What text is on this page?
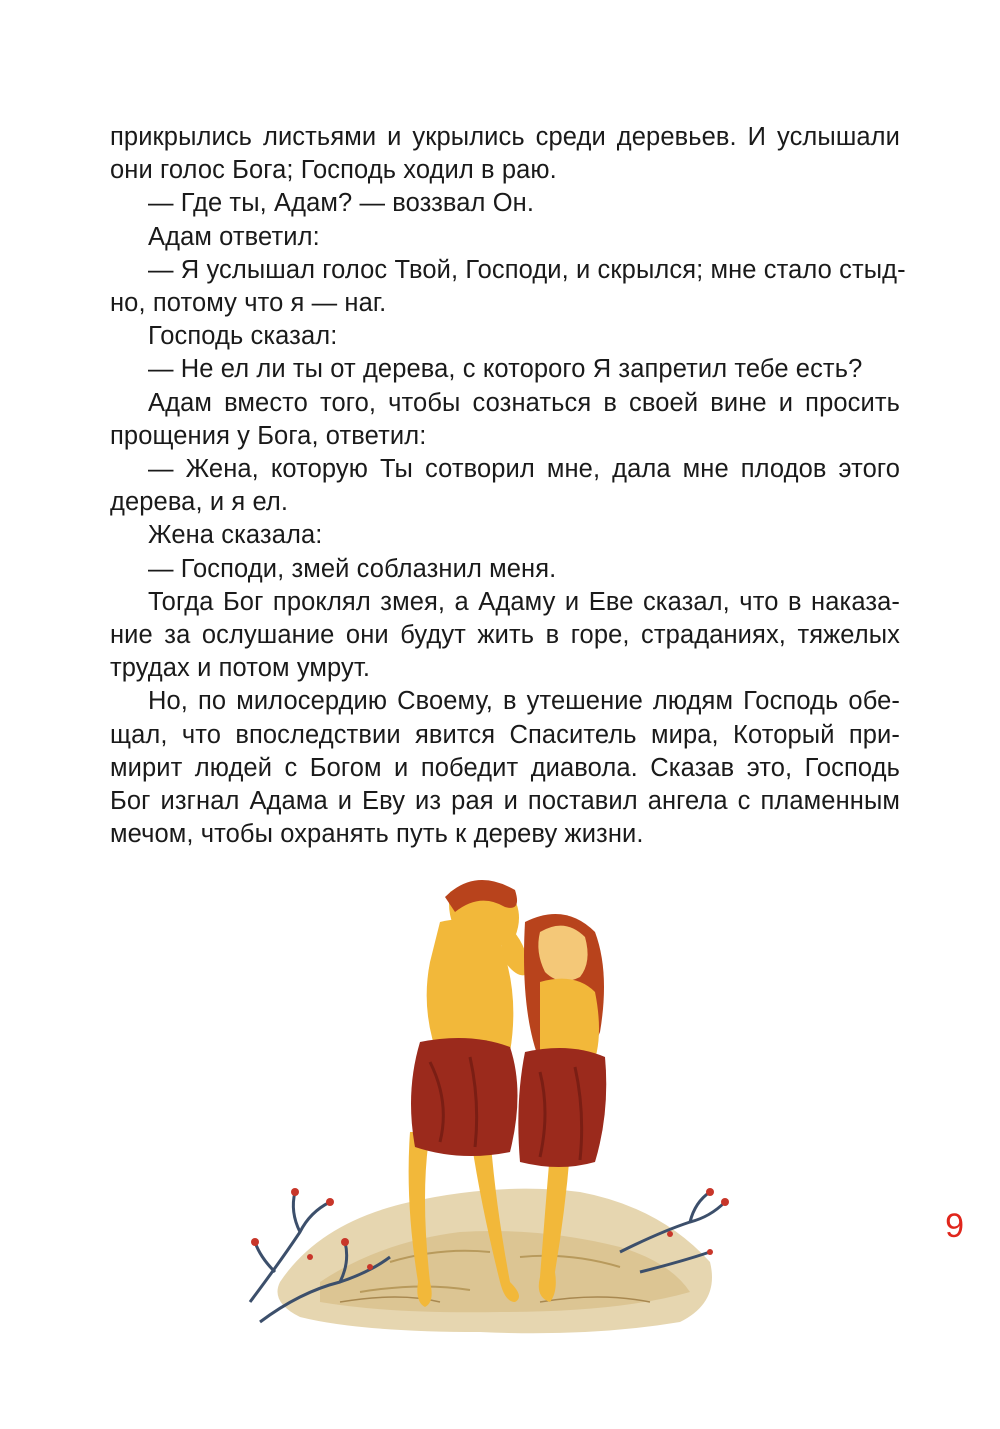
прикрылись листьями и укрылись среди деревьев. И услышали
они голос Бога; Господь ходил в раю.
— Где ты, Адам? — воззвал Он.
Адам ответил:
— Я услышал голос Твой, Господи, и скрылся; мне стало стыд-
но, потому что я — наг.
Господь сказал:
— Не ел ли ты от дерева, с которого Я запретил тебе есть?
Адам вместо того, чтобы сознаться в своей вине и просить
прощения у Бога, ответил:
— Жена, которую Ты сотворил мне, дала мне плодов этого
дерева, и я ел.
Жена сказала:
— Господи, змей соблазнил меня.
Тогда Бог проклял змея, а Адаму и Еве сказал, что в наказа-
ние за ослушание они будут жить в горе, страданиях, тяжелых
трудах и потом умрут.
Но, по милосердию Своему, в утешение людям Господь обе-
щал, что впоследствии явится Спаситель мира, Который при-
мирит людей с Богом и победит диавола. Сказав это, Господь
Бог изгнал Адама и Еву из рая и поставил ангела с пламенным
мечом, чтобы охранять путь к дереву жизни.
9
